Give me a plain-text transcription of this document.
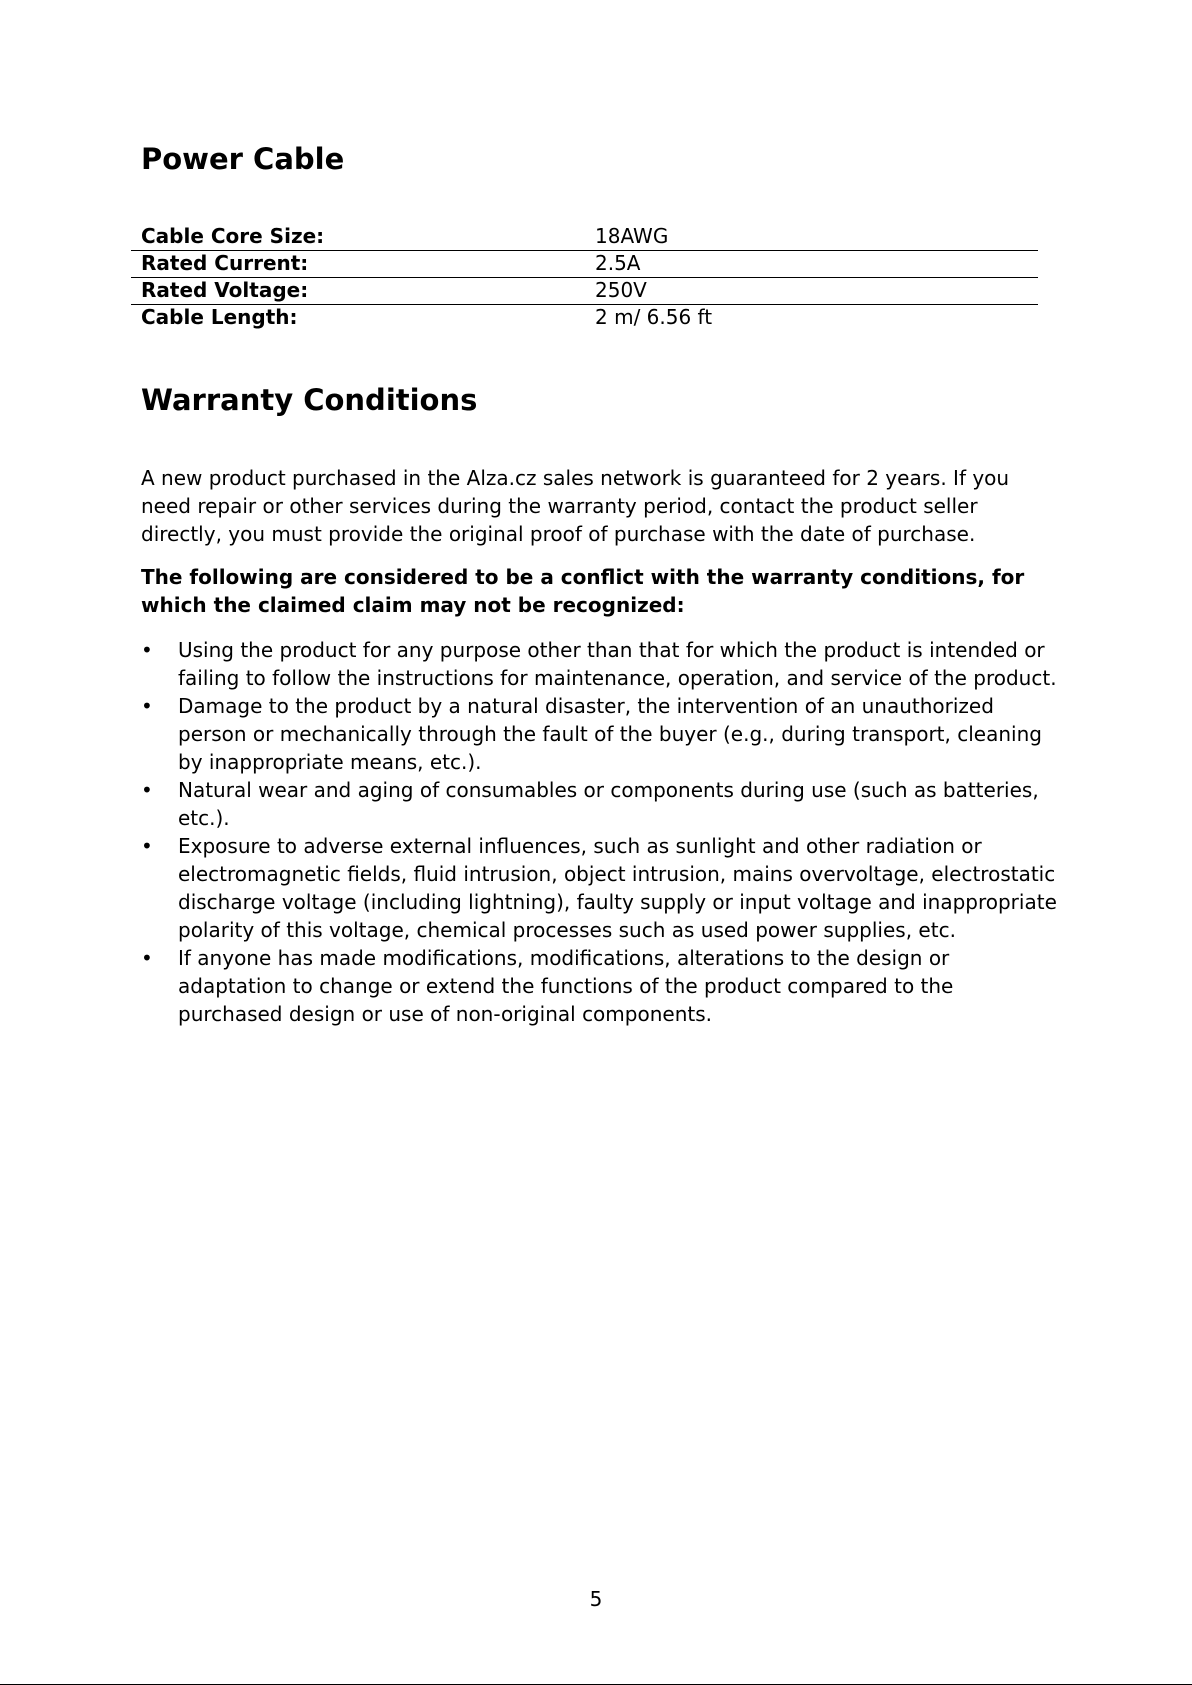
Power Cable
Cable Core Size:	18AWG
Rated Current:	2.5A
Rated Voltage:	250V
Cable Length:	2 m/ 6.56 ft
Warranty Conditions

A new product purchased in the Alza.cz sales network is guaranteed for 2 years. If you need repair or other services during the warranty period, contact the product seller directly, you must provide the original proof of purchase with the date of purchase.

The following are considered to be a conflict with the warranty conditions, for which the claimed claim may not be recognized:

•	Using the product for any purpose other than that for which the product is intended or failing to follow the instructions for maintenance, operation, and service of the product.
•	Damage to the product by a natural disaster, the intervention of an unauthorized person or mechanically through the fault of the buyer (e.g., during transport, cleaning by inappropriate means, etc.).
•	Natural wear and aging of consumables or components during use (such as batteries, etc.).
•	Exposure to adverse external influences, such as sunlight and other radiation or electromagnetic fields, fluid intrusion, object intrusion, mains overvoltage, electrostatic discharge voltage (including lightning), faulty supply or input voltage and inappropriate polarity of this voltage, chemical processes such as used power supplies, etc.
•	If anyone has made modifications, modifications, alterations to the design or adaptation to change or extend the functions of the product compared to the purchased design or use of non-original components.
5
